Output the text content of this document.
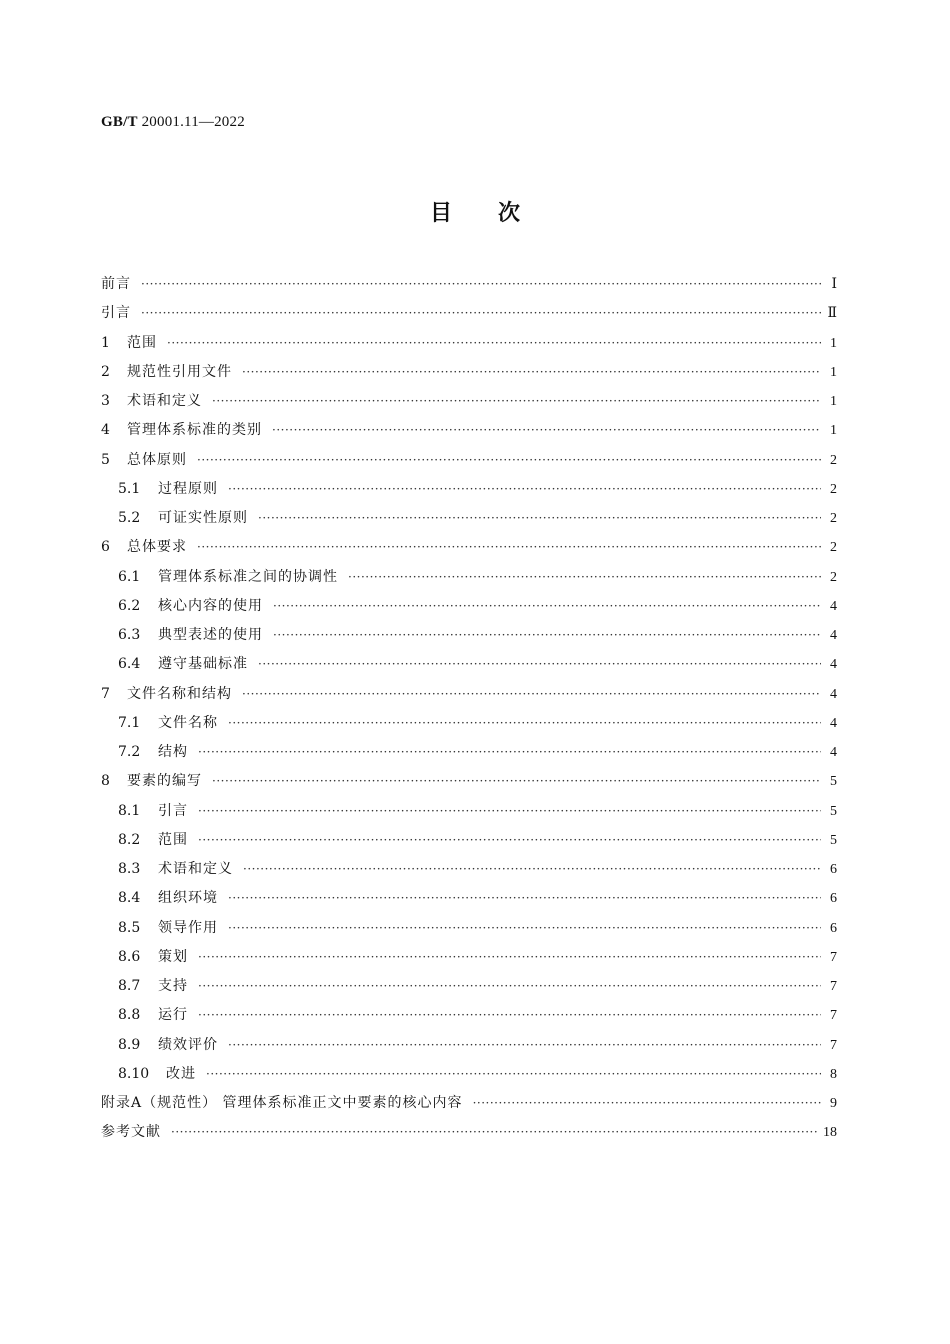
GB/T 20001.11—2022
目次
前言 ·····	Ⅰ
引言 ·····	Ⅱ
1	范围 ·····	1
2	规范性引用文件 ·····	1
3	术语和定义 ·····	1
4	管理体系标准的类别 ·····	1
5	总体原则 ·····	2
5.1	过程原则 ·····	2
5.2	可证实性原则 ·····	2
6	总体要求 ·····	2
6.1	管理体系标准之间的协调性 ·····	2
6.2	核心内容的使用 ·····	4
6.3	典型表述的使用 ·····	4
6.4	遵守基础标准 ·····	4
7	文件名称和结构 ·····	4
7.1	文件名称 ·····	4
7.2	结构 ·····	4
8	要素的编写 ·····	5
8.1	引言 ·····	5
8.2	范围 ·····	5
8.3	术语和定义 ·····	6
8.4	组织环境 ·····	6
8.5	领导作用 ·····	6
8.6	策划 ·····	7
8.7	支持 ·····	7
8.8	运行 ·····	7
8.9	绩效评价 ·····	7
8.10	改进 ·····	8
附录A（规范性） 管理体系标准正文中要素的核心内容 ·····	9
参考文献 ·····	18
